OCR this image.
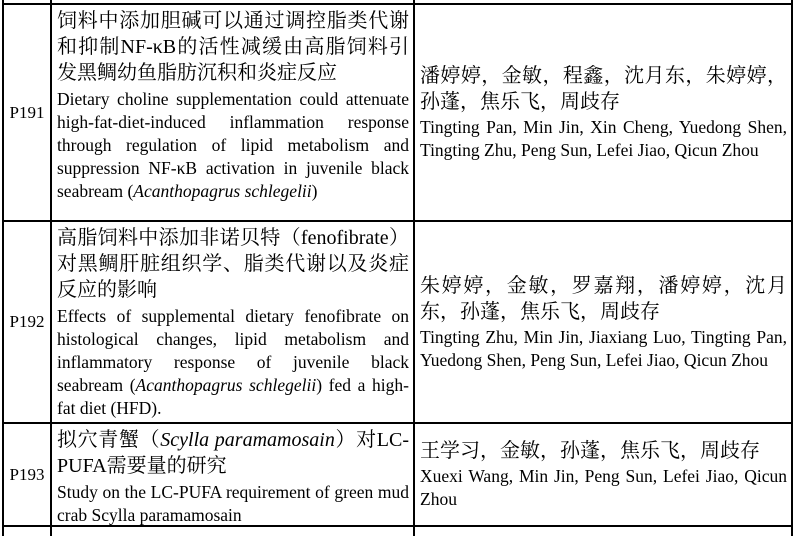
P191

饲料中添加胆碱可以通过调控脂类代谢和抑制NF-κB的活性减缓由高脂饲料引发黑鲷幼鱼脂肪沉积和炎症反应

Dietary choline supplementation could attenuate high-fat-diet-induced inflammation response through regulation of lipid metabolism and suppression NF-κB activation in juvenile black seabream (Acanthopagrus schlegelii)

潘婷婷，金敏，程鑫，沈月东，朱婷婷，孙蓬，焦乐飞，周歧存

Tingting Pan, Min Jin, Xin Cheng, Yuedong Shen, Tingting Zhu, Peng Sun, Lefei Jiao, Qicun Zhou

P192

高脂饲料中添加非诺贝特（fenofibrate）对黑鲷肝脏组织学、脂类代谢以及炎症反应的影响

Effects of supplemental dietary fenofibrate on histological changes, lipid metabolism and inflammatory response of juvenile black seabream (Acanthopagrus schlegelii) fed a high-fat diet (HFD).

朱婷婷，金敏，罗嘉翔，潘婷婷，沈月东，孙蓬，焦乐飞，周歧存

Tingting Zhu, Min Jin, Jiaxiang Luo, Tingting Pan, Yuedong Shen, Peng Sun, Lefei Jiao, Qicun Zhou

P193

拟穴青蟹（Scylla paramamosain）对LC-PUFA需要量的研究

Study on the LC-PUFA requirement of green mud crab Scylla paramamosain

王学习，金敏，孙蓬，焦乐飞，周歧存

Xuexi Wang, Min Jin, Peng Sun, Lefei Jiao, Qicun Zhou
